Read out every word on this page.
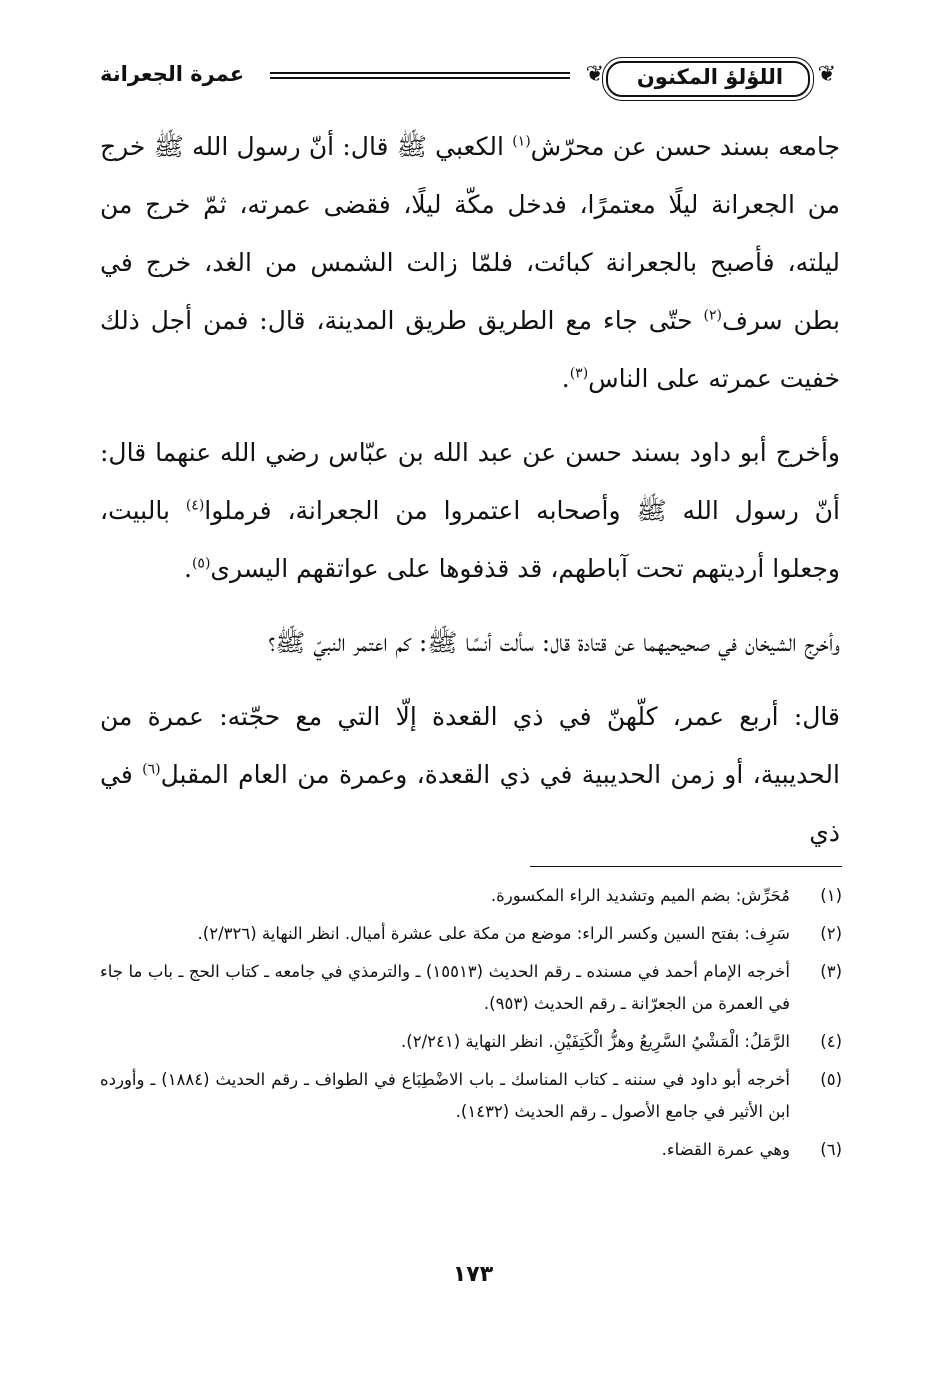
❦
اللؤلؤ المكنون
❦
عمرة الجعرانة

جامعه بسند حسن عن محرّش$^{(١)}$ الكعبي ﷺ قال: أنّ رسول الله ﷺ خرج من الجعرانة ليلًا معتمرًا، فدخل مكّة ليلًا، فقضى عمرته، ثمّ خرج من ليلته، فأصبح بالجعرانة كبائت، فلمّا زالت الشمس من الغد، خرج في بطن سرف$^{(٢)}$ حتّى جاء مع الطريق طريق المدينة، قال: فمن أجل ذلك خفيت عمرته على الناس$^{(٣)}$.

وأخرج أبو داود بسند حسن عن عبد الله بن عبّاس رضي الله عنهما قال: أنّ رسول الله ﷺ وأصحابه اعتمروا من الجعرانة، فرملوا$^{(٤)}$ بالبيت، وجعلوا أرديتهم تحت آباطهم، قد قذفوها على عواتقهم اليسرى$^{(٥)}$.

وأخرج الشيخان في صحيحيهما عن قتادة قال: سألت أنسًا ﷺ: كم اعتمر النبيّ ﷺ؟

قال: أربع عمر، كلّهنّ في ذي القعدة إلّا التي مع حجّته: عمرة من الحديبية، أو زمن الحديبية في ذي القعدة، وعمرة من العام المقبل$^{(٦)}$ في ذي

(١)
مُحَرِّش: بضم الميم وتشديد الراء المكسورة.
(٢)
سَرِف: بفتح السين وكسر الراء: موضع من مكة على عشرة أميال. انظر النهاية (٢/٣٢٦).
(٣)
أخرجه الإمام أحمد في مسنده ـ رقم الحديث (١٥٥١٣) ـ والترمذي في جامعه ـ كتاب الحج ـ باب ما جاء في العمرة من الجعرّانة ـ رقم الحديث (٩٥٣).
(٤)
الرَّمَلُ: الْمَشْيُ السَّرِيعُ وهزُّ الْكَتِفَيْنِ. انظر النهاية (٢/٢٤١).
(٥)
أخرجه أبو داود في سننه ـ كتاب المناسك ـ باب الاضْطِبَاع في الطواف ـ رقم الحديث (١٨٨٤) ـ وأورده ابن الأثير في جامع الأصول ـ رقم الحديث (١٤٣٢).
(٦)
وهي عمرة القضاء.
١٧٣
